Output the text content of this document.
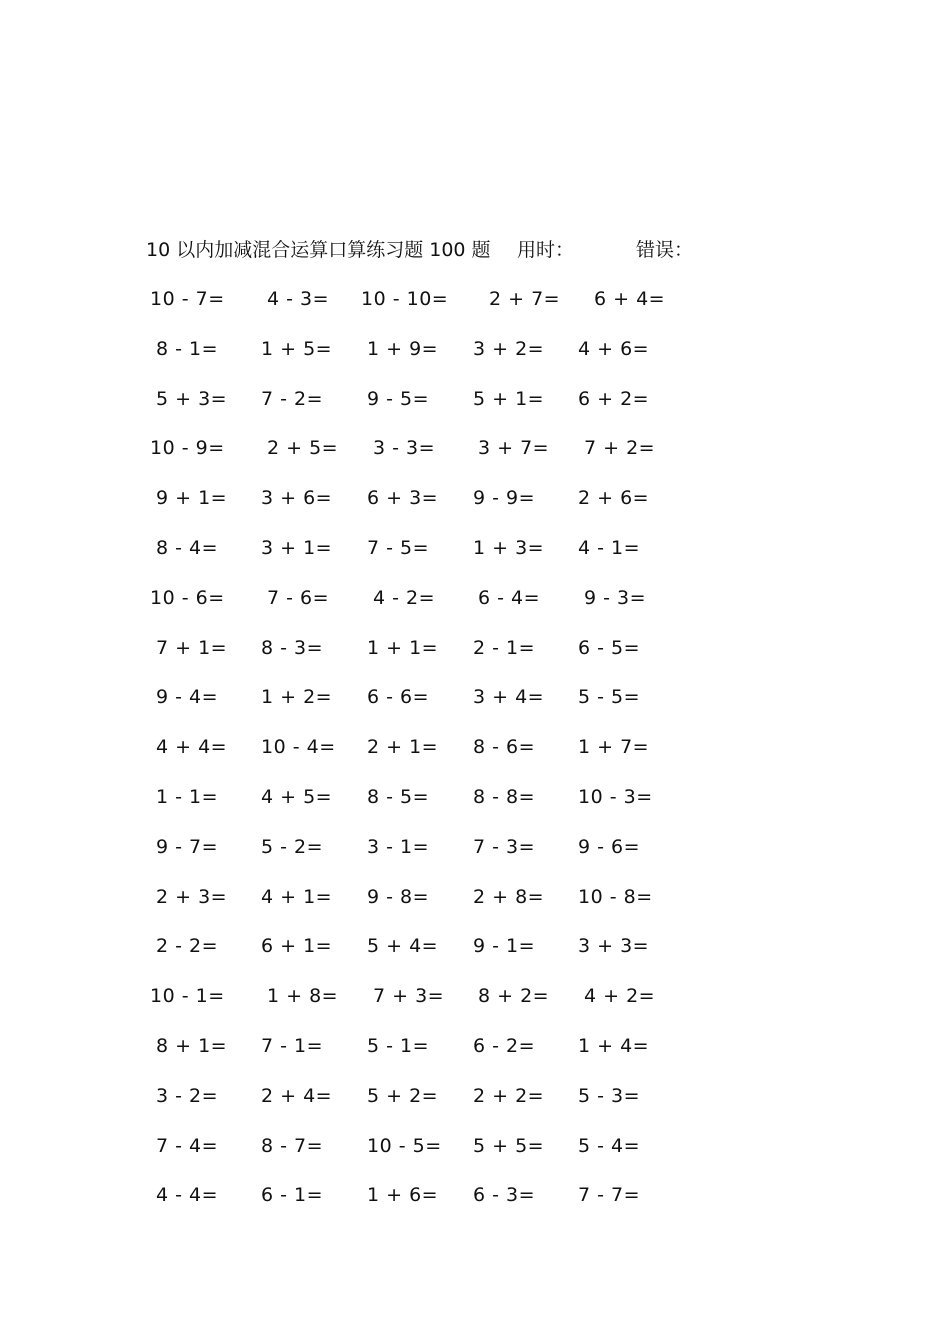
10 以内加减混合运算口算练习题 100 题 用时：	错误：
10 - 7= 4 - 3= 10 - 10= 2 + 7= 6 + 4=
8 - 1= 1 + 5= 1 + 9= 3 + 2= 4 + 6=
5 + 3= 7 - 2= 9 - 5= 5 + 1= 6 + 2=
10 - 9= 2 + 5= 3 - 3= 3 + 7= 7 + 2=
9 + 1= 3 + 6= 6 + 3= 9 - 9= 2 + 6=
8 - 4= 3 + 1= 7 - 5= 1 + 3= 4 - 1=
10 - 6= 7 - 6= 4 - 2= 6 - 4= 9 - 3=
7 + 1= 8 - 3= 1 + 1= 2 - 1= 6 - 5=
9 - 4= 1 + 2= 6 - 6= 3 + 4= 5 - 5=
4 + 4= 10 - 4= 2 + 1= 8 - 6= 1 + 7=
1 - 1= 4 + 5= 8 - 5= 8 - 8= 10 - 3=
9 - 7= 5 - 2= 3 - 1= 7 - 3= 9 - 6=
2 + 3= 4 + 1= 9 - 8= 2 + 8= 10 - 8=
2 - 2= 6 + 1= 5 + 4= 9 - 1= 3 + 3=
10 - 1= 1 + 8= 7 + 3= 8 + 2= 4 + 2=
8 + 1= 7 - 1= 5 - 1= 6 - 2= 1 + 4=
3 - 2= 2 + 4= 5 + 2= 2 + 2= 5 - 3=
7 - 4= 8 - 7= 10 - 5= 5 + 5= 5 - 4=
4 - 4= 6 - 1= 1 + 6= 6 - 3= 7 - 7=
